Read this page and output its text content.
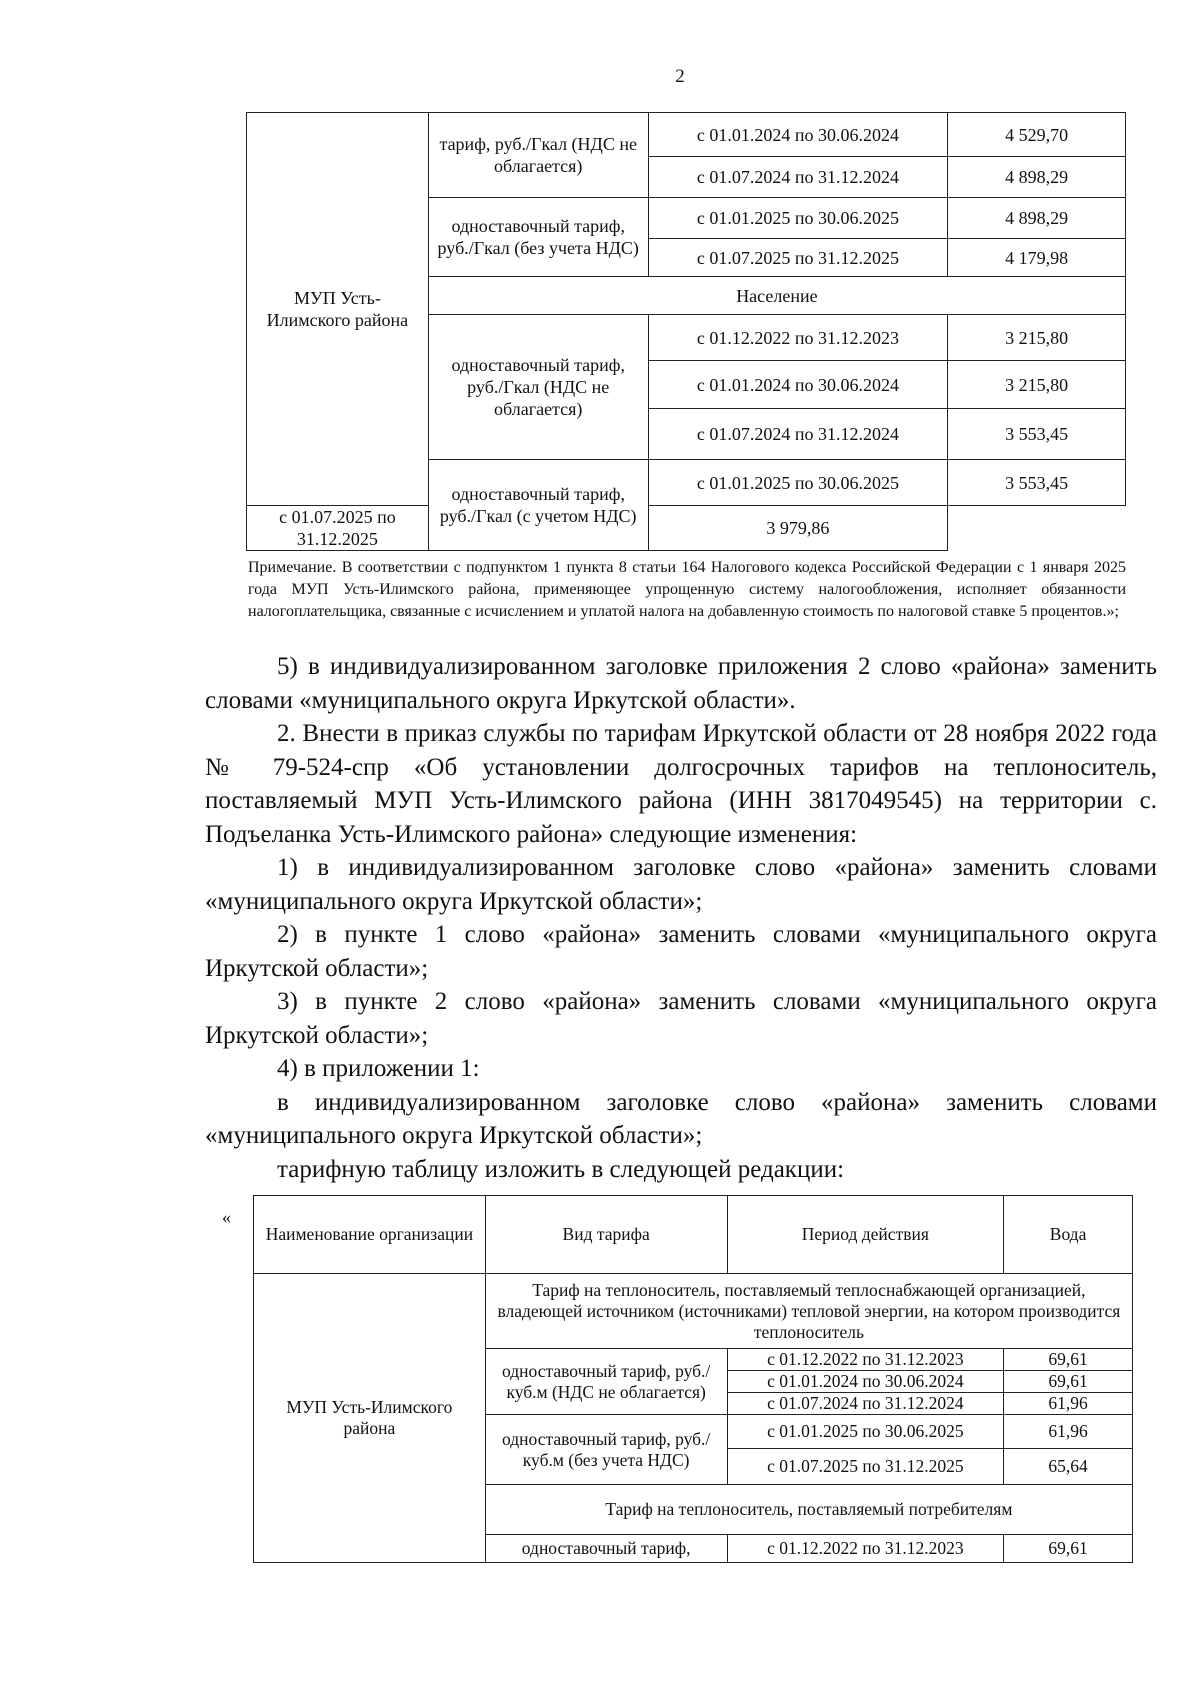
2
МУП Усть-Илимского района	тариф, руб./Гкал (НДС не облагается)	с 01.01.2024 по 30.06.2024	4 529,70
		с 01.07.2024 по 31.12.2024	4 898,29
	одноставочный тариф, руб./Гкал (без учета НДС)	с 01.01.2025 по 30.06.2025	4 898,29
		с 01.07.2025 по 31.12.2025	4 179,98
	Население		
	одноставочный тариф, руб./Гкал (НДС не облагается)	с 01.12.2022 по 31.12.2023	3 215,80
		с 01.01.2024 по 30.06.2024	3 215,80
		с 01.07.2024 по 31.12.2024	3 553,45
	одноставочный тариф, руб./Гкал (с учетом НДС)	с 01.01.2025 по 30.06.2025	3 553,45
с 01.07.2025 по 31.12.2025		3 979,86	
Примечание. В соответствии с подпунктом 1 пункта 8 статьи 164 Налогового кодекса Российской Федерации с 1 января 2025 года МУП Усть-Илимского района, применяющее упрощенную систему налогообложения, исполняет обязанности налогоплательщика, связанные с исчислением и уплатой налога на добавленную стоимость по налоговой ставке 5 процентов.»;

5) в индивидуализированном заголовке приложения 2 слово «района» заменить словами «муниципального округа Иркутской области».

2. Внести в приказ службы по тарифам Иркутской области от 28 ноября 2022 года № 79-524-спр «Об установлении долгосрочных тарифов на теплоноситель, поставляемый МУП Усть-Илимского района (ИНН 3817049545) на территории с. Подъеланка Усть-Илимского района» следующие изменения:

1) в индивидуализированном заголовке слово «района» заменить словами «муниципального округа Иркутской области»;

2) в пункте 1 слово «района» заменить словами «муниципального округа Иркутской области»;

3) в пункте 2 слово «района» заменить словами «муниципального округа Иркутской области»;

4) в приложении 1:

в индивидуализированном заголовке слово «района» заменить словами «муниципального округа Иркутской области»;

тарифную таблицу изложить в следующей редакции:

«
Наименование организации	Вид тарифа	Период действия	Вода
МУП Усть-Илимского района	Тариф на теплоноситель, поставляемый теплоснабжающей организацией, владеющей источником (источниками) тепловой энергии, на котором производится теплоноситель		
	одноставочный тариф, руб./куб.м (НДС не облагается)	с 01.12.2022 по 31.12.2023	69,61
		с 01.01.2024 по 30.06.2024	69,61
		с 01.07.2024 по 31.12.2024	61,96
	одноставочный тариф, руб./куб.м (без учета НДС)	с 01.01.2025 по 30.06.2025	61,96
		с 01.07.2025 по 31.12.2025	65,64
	Тариф на теплоноситель, поставляемый потребителям		
	одноставочный тариф,	с 01.12.2022 по 31.12.2023	69,61
